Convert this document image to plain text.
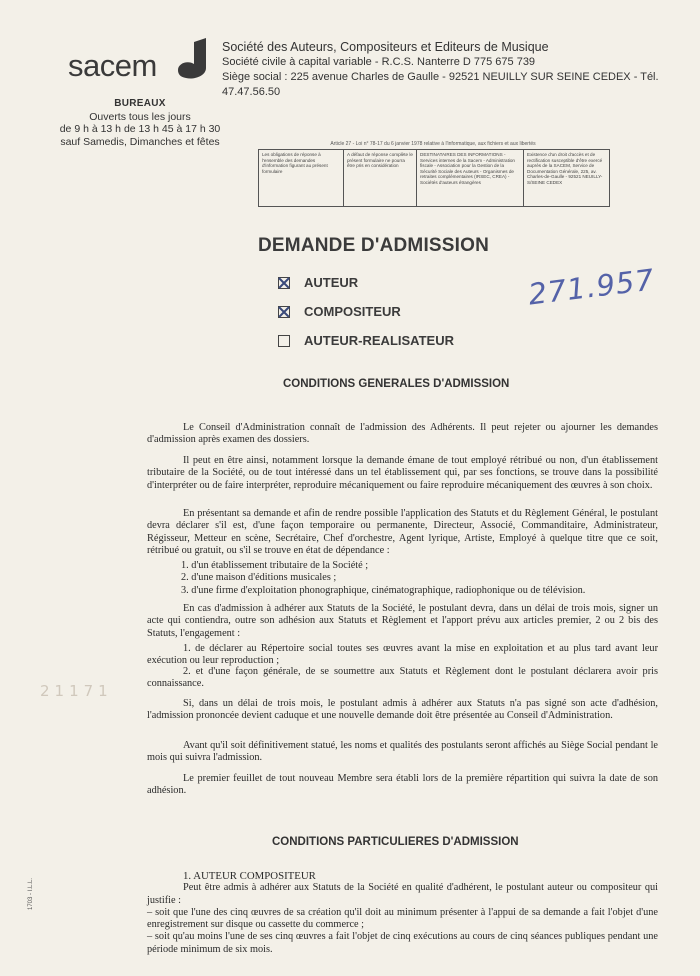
sacem
Société des Auteurs, Compositeurs et Editeurs de Musique
Société civile à capital variable - R.C.S. Nanterre D 775 675 739
Siège social : 225 avenue Charles de Gaulle - 92521 NEUILLY SUR SEINE CEDEX - Tél. 47.47.56.50
BUREAUX
Ouverts tous les jours
de 9 h à 13 h de 13 h 45 à 17 h 30
sauf Samedis, Dimanches et fêtes	Article 27 - Loi n° 78-17 du 6 janvier 1978 relative à l'informatique, aux fichiers et aux libertés
Les obligations de réponse à l'ensemble des demandes d'information figurant au présent formulaire
A défaut de réponse complète le présent formulaire ne pourra être pris en considération
DESTINATAIRES DES INFORMATIONS - Services internes de la Sacem - Administration fiscale - Association pour la Gestion de la Sécurité Sociale des Auteurs - Organismes de retraites complémentaires (IRSEC, CREA) - Sociétés d'auteurs étrangères
Existence d'un droit d'accès et de rectification susceptible d'être exercé auprès de la SACEM, Service de Documentation Générale, 225, av. Charles-de-Gaulle - 92521 NEUILLY-S/SEINE CEDEX
DEMANDE D'ADMISSION
AUTEUR
COMPOSITEUR
AUTEUR-REALISATEUR
271.957
CONDITIONS GENERALES D'ADMISSION

Le Conseil d'Administration connaît de l'admission des Adhérents. Il peut rejeter ou ajourner les demandes d'admission après examen des dossiers.

Il peut en être ainsi, notamment lorsque la demande émane de tout employé rétribué ou non, d'un établissement tributaire de la Société, ou de tout intéressé dans un tel établissement qui, par ses fonctions, se trouve dans la possibilité d'interpréter ou de faire interpréter, reproduire mécaniquement ou faire reproduire mécaniquement des œuvres à son choix.

En présentant sa demande et afin de rendre possible l'application des Statuts et du Règlement Général, le postulant devra déclarer s'il est, d'une façon temporaire ou permanente, Directeur, Associé, Commanditaire, Administrateur, Régisseur, Metteur en scène, Secrétaire, Chef d'orchestre, Agent lyrique, Artiste, Employé à quelque titre que ce soit, rétribué ou gratuit, ou s'il se trouve en état de dépendance :

1. d'un établissement tributaire de la Société ;

2. d'une maison d'éditions musicales ;

3. d'une firme d'exploitation phonographique, cinématographique, radiophonique ou de télévision.

En cas d'admission à adhérer aux Statuts de la Société, le postulant devra, dans un délai de trois mois, signer un acte qui contiendra, outre son adhésion aux Statuts et Règlement et l'apport prévu aux articles premier, 2 ou 2 bis des Statuts, l'engagement :

1. de déclarer au Répertoire social toutes ses œuvres avant la mise en exploitation et au plus tard avant leur exécution ou leur reproduction ;

2. et d'une façon générale, de se soumettre aux Statuts et Règlement dont le postulant déclarera avoir pris connaissance.

Si, dans un délai de trois mois, le postulant admis à adhérer aux Statuts n'a pas signé son acte d'adhésion, l'admission prononcée devient caduque et une nouvelle demande doit être présentée au Conseil d'Administration.

Avant qu'il soit définitivement statué, les noms et qualités des postulants seront affichés au Siège Social pendant le mois qui suivra l'admission.

Le premier feuillet de tout nouveau Membre sera établi lors de la première répartition qui suivra la date de son adhésion.

21171
CONDITIONS PARTICULIERES D'ADMISSION

1. AUTEUR COMPOSITEUR

Peut être admis à adhérer aux Statuts de la Société en qualité d'adhérent, le postulant auteur ou compositeur qui justifie :

– soit que l'une des cinq œuvres de sa création qu'il doit au minimum présenter à l'appui de sa demande a fait l'objet d'une enregistrement sur disque ou cassette du commerce ;

– soit qu'au moins l'une de ses cinq œuvres a fait l'objet de cinq exécutions au cours de cinq séances publiques pendant une période minimum de six mois.

1703 - I.L.L.
